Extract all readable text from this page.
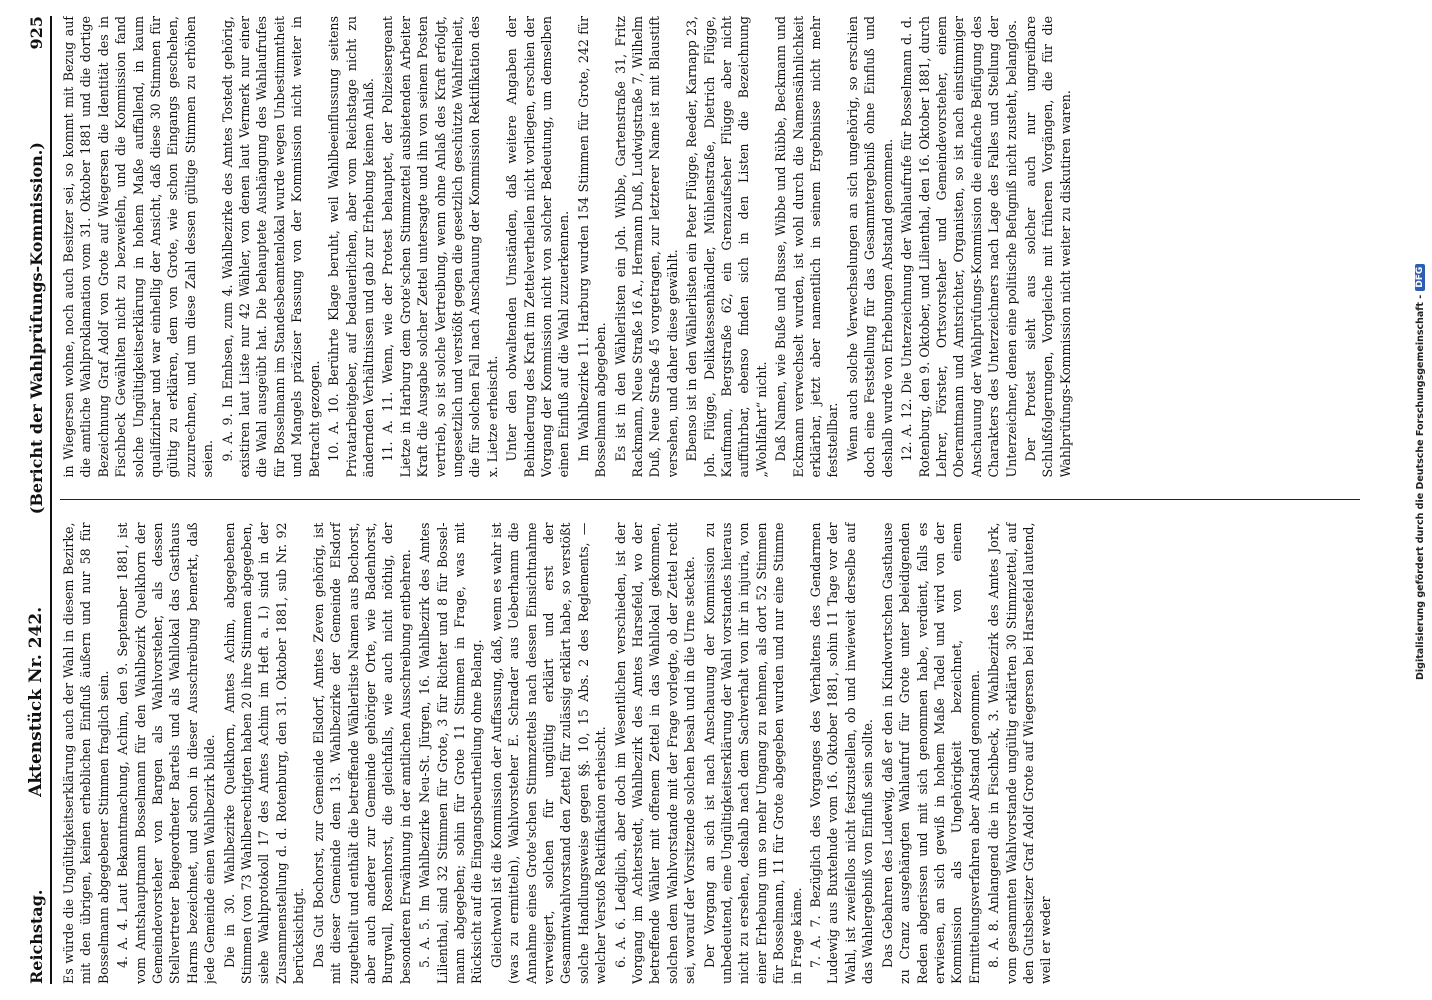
Reichstag.
Aktenstück Nr. 242.
(Bericht der Wahlprüfungs-Kommission.)
925

Es würde die Ungültigkeitserklärung auch der Wahl in diesem Bezirke, mit den übrigen, keinen erheblichen Einfluß äußern und nur 58 für Bosselmann abgegebener Stimmen fraglich sein. 4. A. 4. Laut Bekanntmachung, Achim, den 9. September 1881, ist vom Amtshauptmann Bosselmann für den Wahlbezirk Quelkhorn der Gemeindevorsteher von Bargen als Wahlvorsteher, als dessen Stellvertreter Beigeordneter Bartels und als Wahllokal das Gasthaus Harms bezeichnet, und schon in dieser Ausschreibung bemerkt, daß jede Gemeinde einen Wahlbezirk bilde. Die in 30. Wahlbezirke Quelkhorn, Amtes Achim, abgegebenen Stimmen (von 73 Wahlberechtigten haben 20 ihre Stimmen abgegeben, siehe Wahlprotokoll 17 des Amtes Achim im Heft a. I.) sind in der Zusammenstellung d. d. Rotenburg, den 31. Oktober 1881, sub Nr. 92 berücksichtigt. Das Gut Bochorst, zur Gemeinde Elsdorf, Amtes Zeven gehörig, ist mit dieser Gemeinde dem 13. Wahlbezirke der Gemeinde Elsdorf zugetheilt und enthält die betreffende Wählerliste Namen aus Bochorst, aber auch anderer zur Gemeinde gehöriger Orte, wie Badenhorst, Burgwall, Rosenhorst, die gleichfalls, wie auch nicht nöthig, der besonderen Erwähnung in der amtlichen Ausschreibung entbehren. 5. A. 5. Im Wahlbezirke Neu-St. Jürgen, 16. Wahlbezirk des Amtes Lilienthal, sind 32 Stimmen für Grote, 3 für Richter und 8 für Bosselmann abgegeben; sohin für Grote 11 Stimmen in Frage, was mit Rücksicht auf die Eingangsbeurtheilung ohne Belang. Gleichwohl ist die Kommission der Auffassung, daß, wenn es wahr ist (was zu ermitteln), Wahlvorsteher E. Schrader aus Ueberhamm die Annahme eines Grote'schen Stimmzettels nach dessen Einsichtnahme verweigert, solchen für ungültig erklärt und erst der Gesammtwahlvorstand den Zettel für zulässig erklärt habe, so verstößt solche Handlungsweise gegen §§. 10, 15 Abs. 2 des Reglements, — welcher Verstoß Rektifikation erheischt. 6. A. 6. Lediglich, aber doch im Wesentlichen verschieden, ist der Vorgang im Achterstedt, Wahlbezirk des Amtes Harsefeld, wo der betreffende Wähler mit offenem Zettel in das Wahllokal gekommen, solchen dem Wahlvorstande mit der Frage vorlegte, ob der Zettel recht sei, worauf der Vorsitzende solchen besah und in die Urne steckte. Der Vorgang an sich ist nach Anschauung der Kommission zu unbedeutend, eine Ungültigkeitserklärung der Wahl vorstandes hieraus nicht zu ersehen, deshalb nach dem Sachverhalt von ihr in injuria, von einer Erhebung um so mehr Umgang zu nehmen, als dort 52 Stimmen für Bosselmann, 11 für Grote abgegeben wurden und nur eine Stimme in Frage käme. 7. A. 7. Bezüglich des Vorganges des Verhaltens des Gendarmen Ludewig aus Buxtehude vom 16. Oktober 1881, sohin 11 Tage vor der Wahl, ist zweifellos nicht festzustellen, ob und inwieweit derselbe auf das Wahlergebniß von Einfluß sein sollte. Das Gebahren des Ludewig, daß er den in Kindwortschen Gasthause zu Cranz ausgehängten Wahlaufruf für Grote unter beleidigenden Reden abgerissen und mit sich genommen habe, verdient, falls es erwiesen, an sich gewiß in hohem Maße Tadel und wird von der Kommission als Ungehörigkeit bezeichnet, von einem Ermittelungsverfahren aber Abstand genommen. 8. A. 8. Anlangend die in Fischbeck, 3. Wahlbezirk des Amtes Jork, vom gesammten Wahlvorstande ungültig erklärten 30 Stimmzettel, auf den Gutsbesitzer Graf Adolf Grote auf Wiegersen bei Harsefeld lautend, weil er weder

in Wiegersen wohne, noch auch Besitzer sei, so kommt mit Bezug auf die amtliche Wahlproklamation vom 31. Oktober 1881 und die dortige Bezeichnung Graf Adolf von Grote auf Wiegersen die Identität des in Fischbeck Gewählten nicht zu bezweifeln, und die Kommission fand solche Ungültigkeitserklärung in hohem Maße auffallend, in kaum qualifizirbar und war einhellig der Ansicht, daß diese 30 Stimmen für gültig zu erklären, dem von Grote, wie schon Eingangs geschehen, zuzurechnen, und um diese Zahl dessen gültige Stimmen zu erhöhen seien. 9. A. 9. In Embsen, zum 4. Wahlbezirke des Amtes Tostedt gehörig, existiren laut Liste nur 42 Wähler, von denen laut Vermerk nur einer die Wahl ausgeübt hat. Die behauptete Aushängung des Wahlaufrufes für Bosselmann im Standesbeamtenlokal wurde wegen Unbestimmtheit und Mangels präziser Fassung von der Kommission nicht weiter in Betracht gezogen. 10. A. 10. Berührte Klage beruht, weil Wahlbeeinflussung seitens Privatarbeitgeber, auf bedauerlichen, aber vom Reichstage nicht zu ändernden Verhältnissen und gab zur Erhebung keinen Anlaß. 11. A. 11. Wenn, wie der Protest behauptet, der Polizeisergeant Lietze in Harburg dem Grote'schen Stimmzettel ausbietenden Arbeiter Kraft die Ausgabe solcher Zettel untersagte und ihn von seinem Posten vertrieb, so ist solche Vertreibung, wenn ohne Anlaß des Kraft erfolgt, ungesetzlich und verstößt gegen die gesetzlich geschützte Wahlfreiheit, die für solchen Fall nach Anschauung der Kommission Rektifikation des x. Lietze erheischt. Unter den obwaltenden Umständen, daß weitere Angaben der Behinderung des Kraft im Zettelvertheilen nicht vorliegen, erschien der Vorgang der Kommission nicht von solcher Bedeutung, um demselben einen Einfluß auf die Wahl zuzuerkennen. Im Wahlbezirke 11. Harburg wurden 154 Stimmen für Grote, 242 für Bosselmann abgegeben. Es ist in den Wählerlisten ein Joh. Wibbe, Gartenstraße 31, Fritz Rackmann, Neue Straße 16 A., Hermann Duß, Ludwigstraße 7, Wilhelm Duß, Neue Straße 45 vorgetragen, zur letzterer Name ist mit Blaustift versehen, und daher diese gewählt. Ebenso ist in den Wählerlisten ein Peter Flügge, Reeder, Karnapp 23, Joh. Flügge, Delikatessenhändler, Mühlenstraße, Dietrich Flügge, Kaufmann, Bergstraße 62, ein Grenzaufseher Flügge aber nicht aufführbar, ebenso finden sich in den Listen die Bezeichnung „Wohlfahrt“ nicht. Daß Namen, wie Buße und Busse, Wibbe und Rübbe, Beckmann und Eckmann verwechselt wurden, ist wohl durch die Namensähnlichkeit erklärbar, jetzt aber namentlich in seinem Ergebnisse nicht mehr feststellbar. Wenn auch solche Verwechselungen an sich ungehörig, so erschien doch eine Feststellung für das Gesammtergebniß ohne Einfluß und deshalb wurde von Erhebungen Abstand genommen. 12. A. 12. Die Unterzeichnung der Wahlaufrufe für Bosselmann d. d. Rotenburg, den 9. Oktober, und Lilienthal, den 16. Oktober 1881, durch Lehrer, Förster, Ortsvorsteher und Gemeindevorsteher, einem Oberamtmann und Amtsrichter, Organisten, so ist nach einstimmiger Anschauung der Wahlprüfungs-Kommission die einfache Beifügung des Charakters des Unterzeichners nach Lage des Falles und Stellung der Unterzeichner, denen eine politische Befugniß nicht zusteht, belanglos. Der Protest sieht aus solcher auch nur ungreifbare Schlußfolgerungen, Vorgleiche mit früheren Vorgängen, die für die Wahlprüfungs-Kommission nicht weiter zu diskutiren waren.

Digitalisierung gefördert durch die Deutsche Forschungsgemeinschaft -
DFG
